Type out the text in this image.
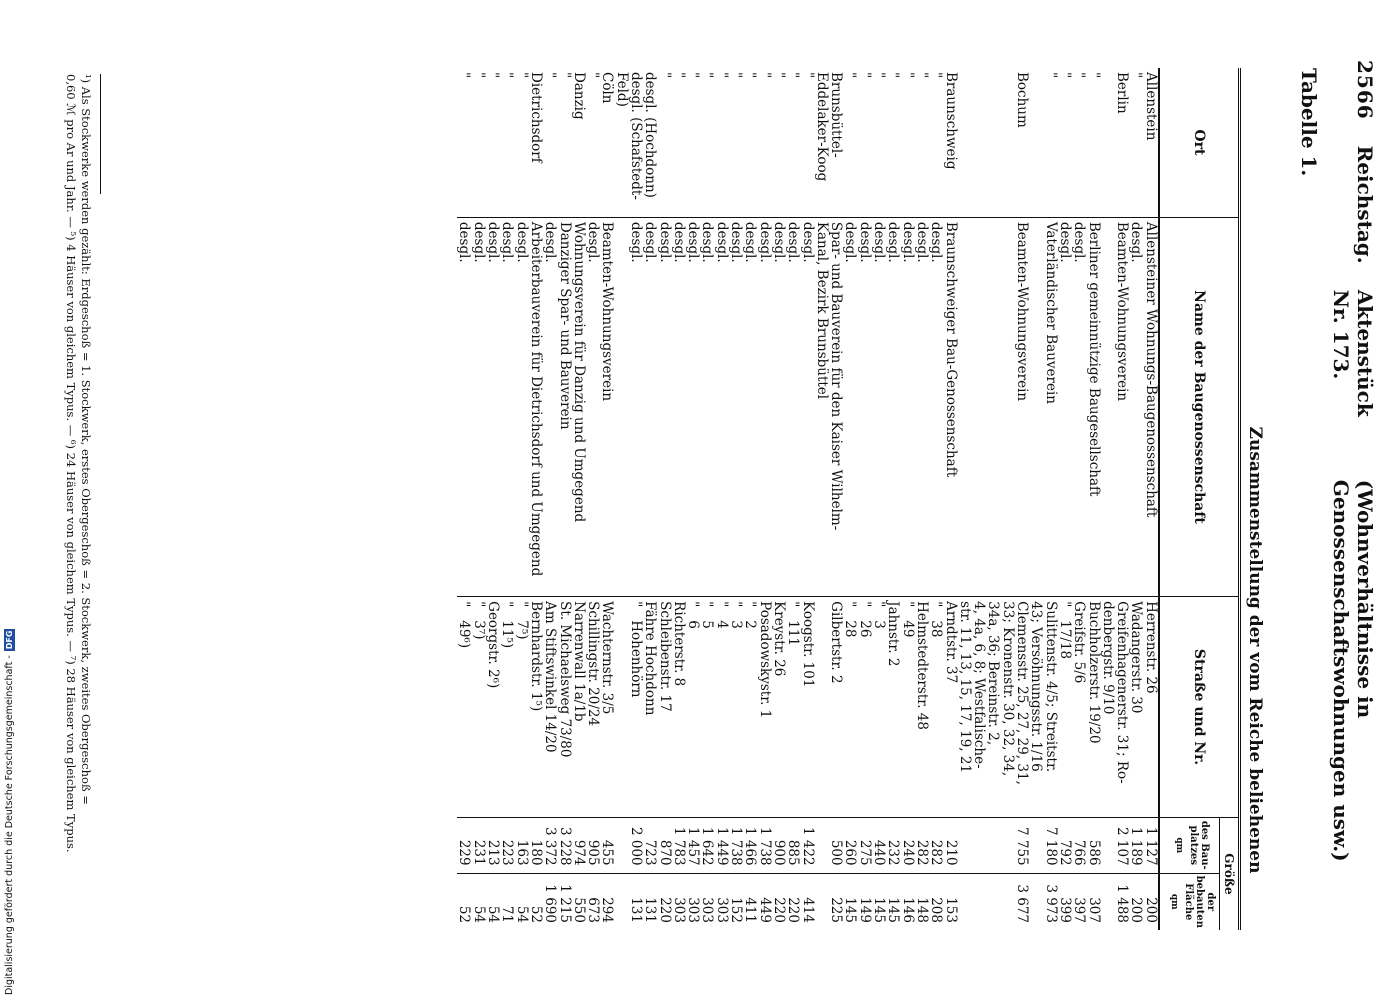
2566
Reichstag.
Aktenstück Nr. 173.
(Wohnverhältnisse in Genossenschaftswohnungen usw.)
Tabelle 1.
Zusammenstellung der vom Reiche beliehenen
Ort	Name der Baugenossenschaft	Straße und Nr.	Größe	
			des Bau-platzes
qm	der bebauten Fläche
qm

Allenstein	Allensteiner Wohnungs-Baugenossenschaft	Herrenstr. 26	1 127	200
"	desgl.	Wadangerstr. 30	1 189	200
Berlin	Beamten-Wohnungsverein	Greifenhagenerstr. 31; Ro-
denbergstr. 9/10	2 107	1 488
"	Berliner gemeinnützige Baugesellschaft	Buchholzerstr. 19/20	586	307
"	desgl.	Greifstr. 5/6	766	397
"	desgl.	"   17/18	792	399
"	Vaterländischer Bauverein	Sulittenstr. 4/5; Streitstr.
43; Versöhnungsstr. 1/16	7 180	3 973
Bochum	Beamten-Wohnungsverein	Clemensstr. 25, 27, 29, 31,
33; Kronenstr. 30, 32, 34,
34a, 36; Bereinstr. 2,
4, 4a, 6, 8; Westfalische-
str. 11, 13, 15, 17, 19, 21	7 755	3 677
Braunschweig	Braunschweiger Bau-Genossenschaft	Arndtstr. 37	210	153
"	desgl.	"   38	282	208
"	desgl.	Helmstedterstr. 48	282	148
"	desgl.	"   49	240	146
"	desgl.	Jahnstr. 2	232	145
"	desgl.	"   3	440	145
"	desgl.	"   26	275	149
"	desgl.	"   28	260	145
Brunsbüttel-
Eddelaker-Koog	Spar- und Bauverein für den Kaiser Wilhelm-
Kanal, Bezirk Brunsbüttel	Gilbertstr. 2	500	225
"	desgl.	Koogstr. 101	1 422	414
"	desgl.	"   111	885	220
"	desgl.	Kreystr. 26	900	220
"	desgl.	Posadowskystr. 1	1 738	449
"	desgl.	"   2	1 466	411
"	desgl.	"   3	1 738	152
"	desgl.	"   4	1 449	303
"	desgl.	"   5	1 642	303
"	desgl.	"   6	1 457	303
"	desgl.	Richterstr. 8	1 783	303
"	desgl.	Schleibenstr. 17	870	220
desgl. (Hochdonn)	desgl.	Fähre Hochdonn	723	131
desgl. (Schafstedt-
Feld)	desgl.	"   Hohenhörn	2 000	131
Cöln	Beamten-Wohnungsverein	Wachternstr. 3/5	455	294
"	desgl.	Schillingstr. 20/24	905	673
Danzig	Wohnungsverein für Danzig und Umgegend	Narrenwall 1a/1b	974	550
"	Danziger Spar- und Bauverein	St. Michaelsweg 73/80	3 228	1 215
"	desgl.	Am Stiftswinkel 14/20	3 372	1 690
Dietrichsdorf	Arbeiterbauverein für Dietrichsdorf und Umgegend	Bernhardstr. 1⁵)	180	52
"	desgl.	"   7⁵)	163	54
"	desgl.	"   11⁵)	223	71
"	desgl.	Georgstr. 2⁶)	213	54
"	desgl.	"   3⁷)	231	54
"	desgl.	"   49⁶)	229	52
¹) Als Stockwerke werden gezählt: Erdgeschoß = 1. Stockwerk, erstes Obergeschoß = 2. Stockwerk, zweites Obergeschoß =
0,60 ℳ pro Ar und Jahr. — ⁵) 4 Häuser von gleichem Typus. — ⁶) 24 Häuser von gleichem Typus. — ⁷) 28 Häuser von gleichem Typus.
Digitalisierung gefördert durch die Deutsche Forschungsgemeinschaft -
DFG
